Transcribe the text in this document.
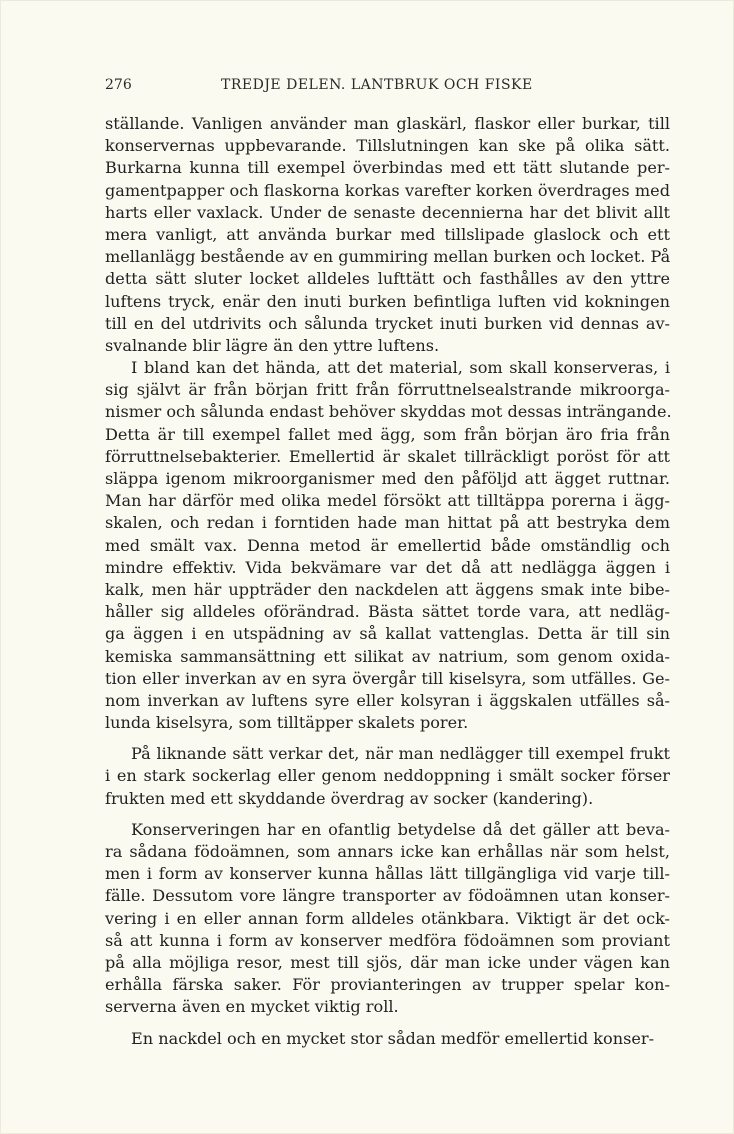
276	TREDJE DELEN. LANTBRUK OCH FISKE
ställande. Vanligen använder man glaskärl, flaskor eller burkar, till
konservernas uppbevarande. Tillslutningen kan ske på olika sätt.
Burkarna kunna till exempel överbindas med ett tätt slutande per-
gamentpapper och flaskorna korkas varefter korken överdrages med
harts eller vaxlack. Under de senaste decennierna har det blivit allt
mera vanligt, att använda burkar med tillslipade glaslock och ett
mellanlägg bestående av en gummiring mellan burken och locket. På
detta sätt sluter locket alldeles lufttätt och fasthålles av den yttre
luftens tryck, enär den inuti burken befintliga luften vid kokningen
till en del utdrivits och sålunda trycket inuti burken vid dennas av-
svalnande blir lägre än den yttre luftens.
I bland kan det hända, att det material, som skall konserveras, i
sig självt är från början fritt från förruttnelsealstrande mikroorga-
nismer och sålunda endast behöver skyddas mot dessas inträngande.
Detta är till exempel fallet med ägg, som från början äro fria från
förruttnelsebakterier. Emellertid är skalet tillräckligt poröst för att
släppa igenom mikroorganismer med den påföljd att ägget ruttnar.
Man har därför med olika medel försökt att tilltäppa porerna i ägg-
skalen, och redan i forntiden hade man hittat på att bestryka dem
med smält vax. Denna metod är emellertid både omständlig och
mindre effektiv. Vida bekvämare var det då att nedlägga äggen i
kalk, men här uppträder den nackdelen att äggens smak inte bibe-
håller sig alldeles oförändrad. Bästa sättet torde vara, att nedläg-
ga äggen i en utspädning av så kallat vattenglas. Detta är till sin
kemiska sammansättning ett silikat av natrium, som genom oxida-
tion eller inverkan av en syra övergår till kiselsyra, som utfälles. Ge-
nom inverkan av luftens syre eller kolsyran i äggskalen utfälles så-
lunda kiselsyra, som tilltäpper skalets porer.
På liknande sätt verkar det, när man nedlägger till exempel frukt
i en stark sockerlag eller genom neddoppning i smält socker förser
frukten med ett skyddande överdrag av socker (kandering).
Konserveringen har en ofantlig betydelse då det gäller att beva-
ra sådana födoämnen, som annars icke kan erhållas när som helst,
men i form av konserver kunna hållas lätt tillgängliga vid varje till-
fälle. Dessutom vore längre transporter av födoämnen utan konser-
vering i en eller annan form alldeles otänkbara. Viktigt är det ock-
så att kunna i form av konserver medföra födoämnen som proviant
på alla möjliga resor, mest till sjös, där man icke under vägen kan
erhålla färska saker. För provianteringen av trupper spelar kon-
serverna även en mycket viktig roll.
En nackdel och en mycket stor sådan medför emellertid konser-
